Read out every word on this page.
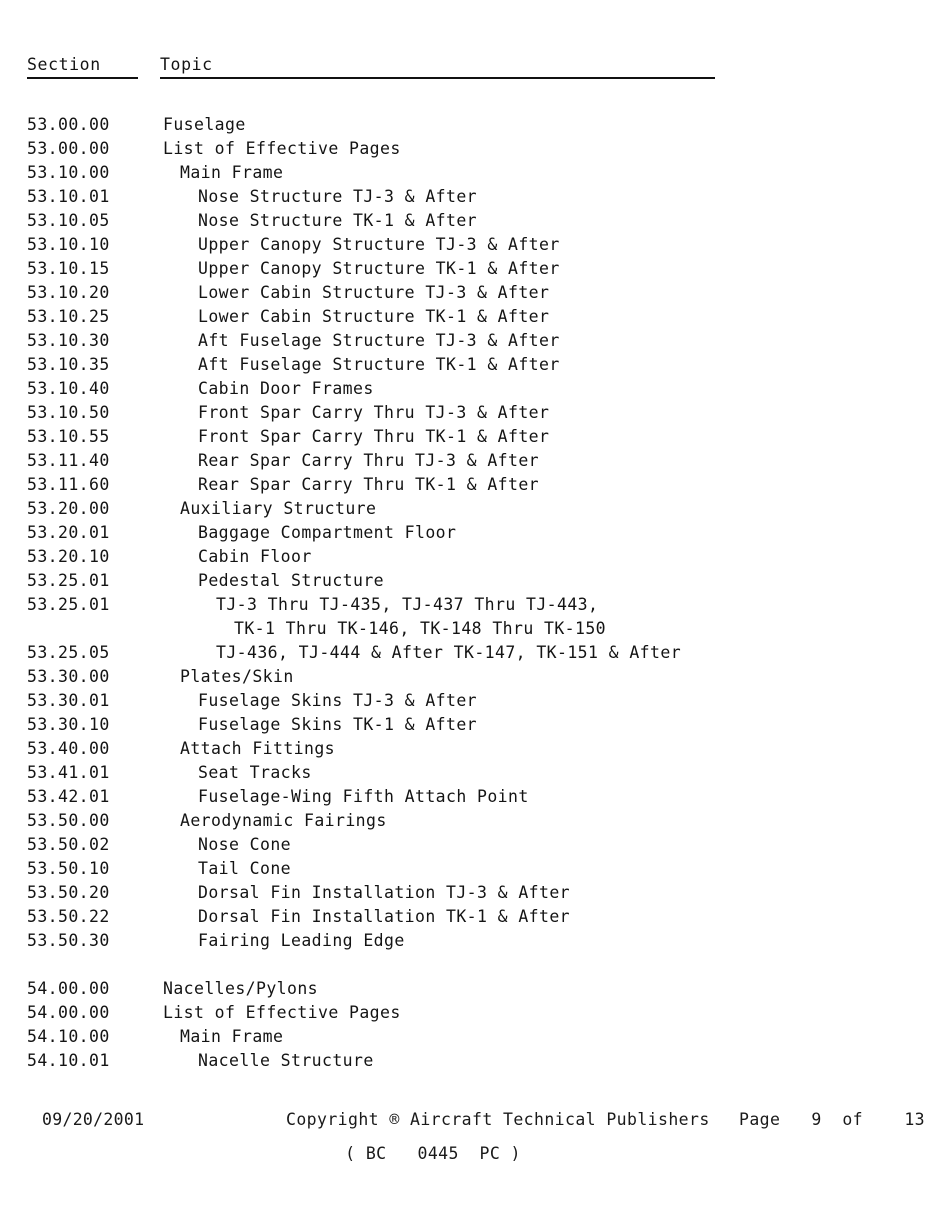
Section	Topic
53.00.00	Fuselage
53.00.00	List of Effective Pages
53.10.00	Main Frame
53.10.01	Nose Structure TJ-3 & After
53.10.05	Nose Structure TK-1 & After
53.10.10	Upper Canopy Structure TJ-3 & After
53.10.15	Upper Canopy Structure TK-1 & After
53.10.20	Lower Cabin Structure TJ-3 & After
53.10.25	Lower Cabin Structure TK-1 & After
53.10.30	Aft Fuselage Structure TJ-3 & After
53.10.35	Aft Fuselage Structure TK-1 & After
53.10.40	Cabin Door Frames
53.10.50	Front Spar Carry Thru TJ-3 & After
53.10.55	Front Spar Carry Thru TK-1 & After
53.11.40	Rear Spar Carry Thru TJ-3 & After
53.11.60	Rear Spar Carry Thru TK-1 & After
53.20.00	Auxiliary Structure
53.20.01	Baggage Compartment Floor
53.20.10	Cabin Floor
53.25.01	Pedestal Structure
53.25.01	TJ-3 Thru TJ-435, TJ-437 Thru TJ-443,
TK-1 Thru TK-146, TK-148 Thru TK-150
53.25.05	TJ-436, TJ-444 & After TK-147, TK-151 & After
53.30.00	Plates/Skin
53.30.01	Fuselage Skins TJ-3 & After
53.30.10	Fuselage Skins TK-1 & After
53.40.00	Attach Fittings
53.41.01	Seat Tracks
53.42.01	Fuselage-Wing Fifth Attach Point
53.50.00	Aerodynamic Fairings
53.50.02	Nose Cone
53.50.10	Tail Cone
53.50.20	Dorsal Fin Installation TJ-3 & After
53.50.22	Dorsal Fin Installation TK-1 & After
53.50.30	Fairing Leading Edge
54.00.00	Nacelles/Pylons
54.00.00	List of Effective Pages
54.10.00	Main Frame
54.10.01	Nacelle Structure
09/20/2001	Copyright ® Aircraft Technical Publishers Page   9  of    13
( BC   0445  PC )
